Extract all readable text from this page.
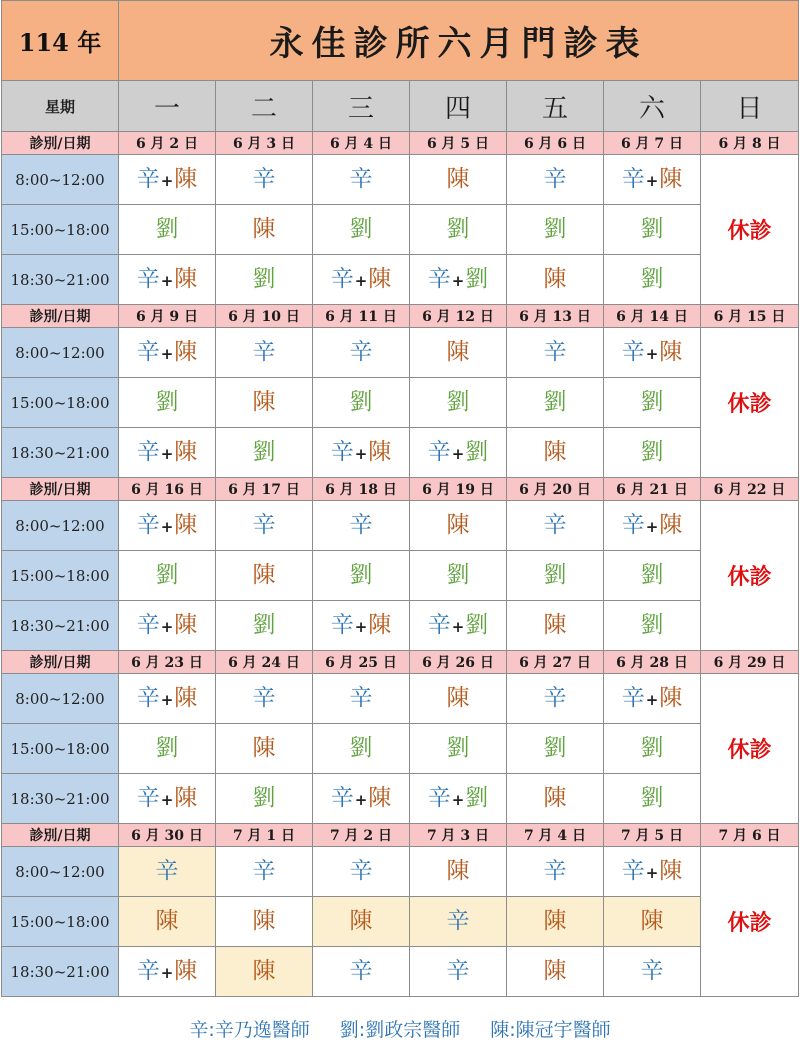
114 年	永佳診所六月門診表						
星期	一	二	三	四	五	六	日
診別/日期	6 月 2 日	6 月 3 日	6 月 4 日	6 月 5 日	6 月 6 日	6 月 7 日	6 月 8 日
8:00~12:00	辛+陳	辛	辛	陳	辛	辛+陳	休診
15:00~18:00	劉	陳	劉	劉	劉	劉	
18:30~21:00	辛+陳	劉	辛+陳	辛+劉	陳	劉	
診別/日期	6 月 9 日	6 月 10 日	6 月 11 日	6 月 12 日	6 月 13 日	6 月 14 日	6 月 15 日
8:00~12:00	辛+陳	辛	辛	陳	辛	辛+陳	休診
15:00~18:00	劉	陳	劉	劉	劉	劉	
18:30~21:00	辛+陳	劉	辛+陳	辛+劉	陳	劉	
診別/日期	6 月 16 日	6 月 17 日	6 月 18 日	6 月 19 日	6 月 20 日	6 月 21 日	6 月 22 日
8:00~12:00	辛+陳	辛	辛	陳	辛	辛+陳	休診
15:00~18:00	劉	陳	劉	劉	劉	劉	
18:30~21:00	辛+陳	劉	辛+陳	辛+劉	陳	劉	
診別/日期	6 月 23 日	6 月 24 日	6 月 25 日	6 月 26 日	6 月 27 日	6 月 28 日	6 月 29 日
8:00~12:00	辛+陳	辛	辛	陳	辛	辛+陳	休診
15:00~18:00	劉	陳	劉	劉	劉	劉	
18:30~21:00	辛+陳	劉	辛+陳	辛+劉	陳	劉	
診別/日期	6 月 30 日	7 月 1 日	7 月 2 日	7 月 3 日	7 月 4 日	7 月 5 日	7 月 6 日
8:00~12:00	辛	辛	辛	陳	辛	辛+陳	休診
15:00~18:00	陳	陳	陳	辛	陳	陳	
18:30~21:00	辛+陳	陳	辛	辛	陳	辛	
辛:辛乃逸醫師 劉:劉政宗醫師 陳:陳冠宇醫師
